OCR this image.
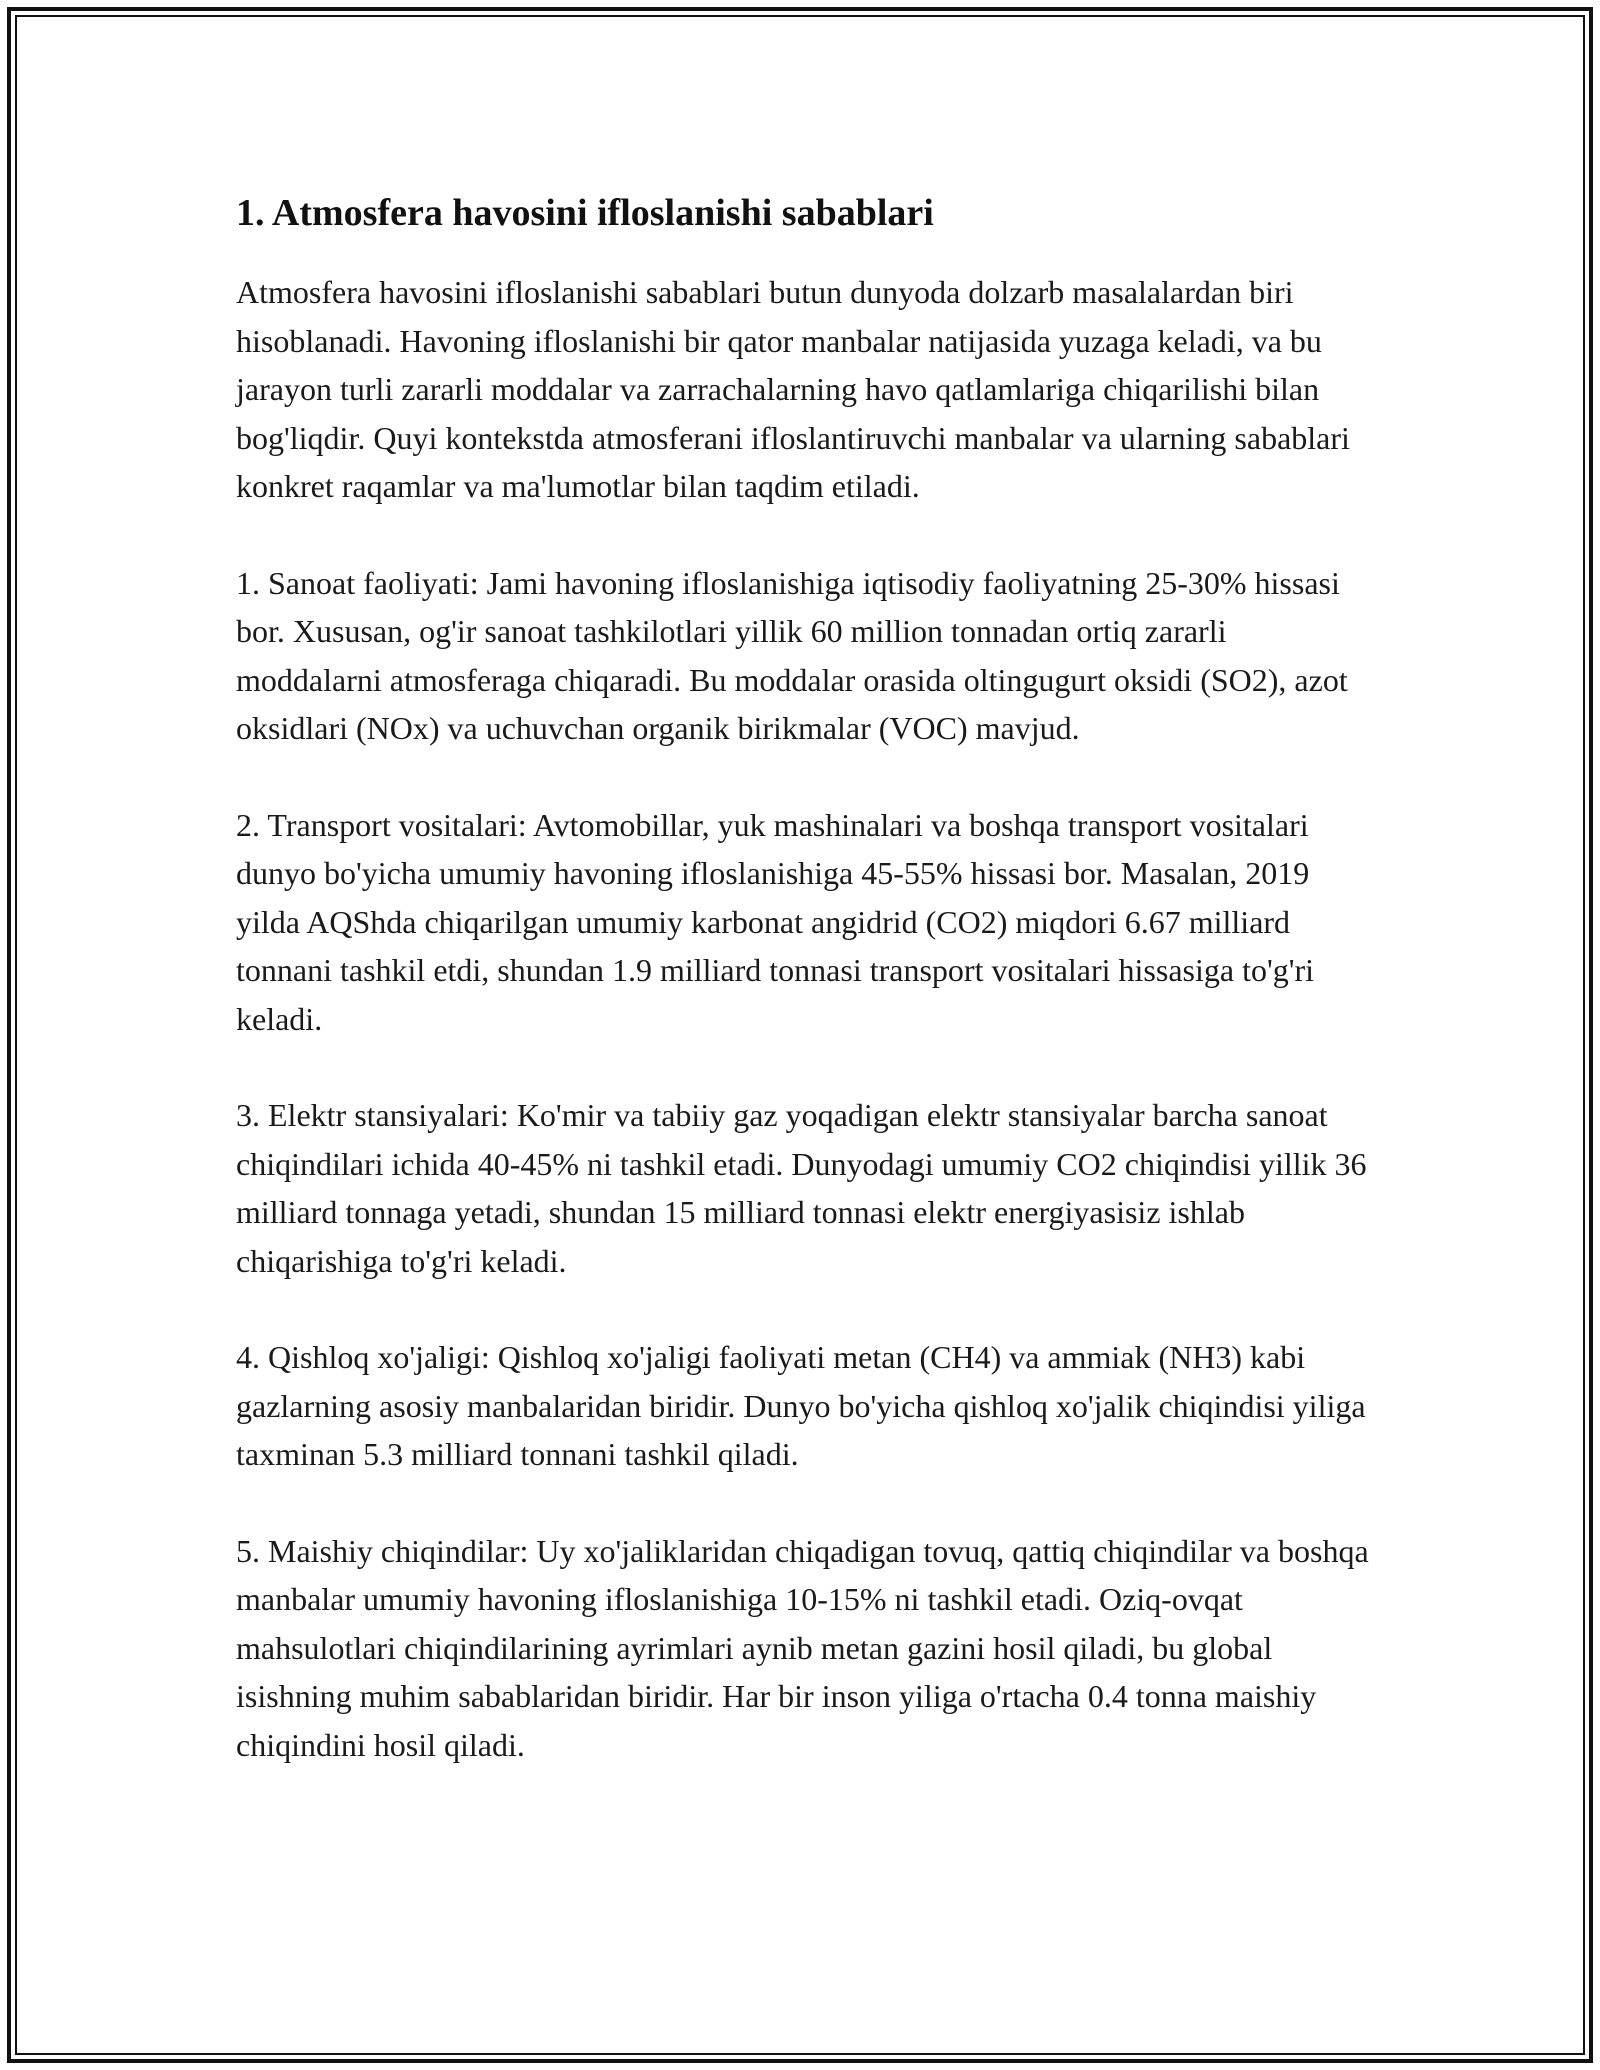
1. Atmosfera havosini ifloslanishi sabablari

Atmosfera havosini ifloslanishi sabablari butun dunyoda dolzarb masalalardan biri hisoblanadi. Havoning ifloslanishi bir qator manbalar natijasida yuzaga keladi, va bu jarayon turli zararli moddalar va zarrachalarning havo qatlamlariga chiqarilishi bilan bog'liqdir. Quyi kontekstda atmosferani ifloslantiruvchi manbalar va ularning sabablari konkret raqamlar va ma'lumotlar bilan taqdim etiladi.

1. Sanoat faoliyati: Jami havoning ifloslanishiga iqtisodiy faoliyatning 25-30% hissasi bor. Xususan, og'ir sanoat tashkilotlari yillik 60 million tonnadan ortiq zararli moddalarni atmosferaga chiqaradi. Bu moddalar orasida oltingugurt oksidi (SO2), azot oksidlari (NOx) va uchuvchan organik birikmalar (VOC) mavjud.

2. Transport vositalari: Avtomobillar, yuk mashinalari va boshqa transport vositalari dunyo bo'yicha umumiy havoning ifloslanishiga 45-55% hissasi bor. Masalan, 2019 yilda AQShda chiqarilgan umumiy karbonat angidrid (CO2) miqdori 6.67 milliard tonnani tashkil etdi, shundan 1.9 milliard tonnasi transport vositalari hissasiga to'g'ri keladi.

3. Elektr stansiyalari: Ko'mir va tabiiy gaz yoqadigan elektr stansiyalar barcha sanoat chiqindilari ichida 40-45% ni tashkil etadi. Dunyodagi umumiy CO2 chiqindisi yillik 36 milliard tonnaga yetadi, shundan 15 milliard tonnasi elektr energiyasisiz ishlab chiqarishiga to'g'ri keladi.

4. Qishloq xo'jaligi: Qishloq xo'jaligi faoliyati metan (CH4) va ammiak (NH3) kabi gazlarning asosiy manbalaridan biridir. Dunyo bo'yicha qishloq xo'jalik chiqindisi yiliga taxminan 5.3 milliard tonnani tashkil qiladi.

5. Maishiy chiqindilar: Uy xo'jaliklaridan chiqadigan tovuq, qattiq chiqindilar va boshqa manbalar umumiy havoning ifloslanishiga 10-15% ni tashkil etadi. Oziq-ovqat mahsulotlari chiqindilarining ayrimlari aynib metan gazini hosil qiladi, bu global isishning muhim sabablaridan biridir. Har bir inson yiliga o'rtacha 0.4 tonna maishiy chiqindini hosil qiladi.
